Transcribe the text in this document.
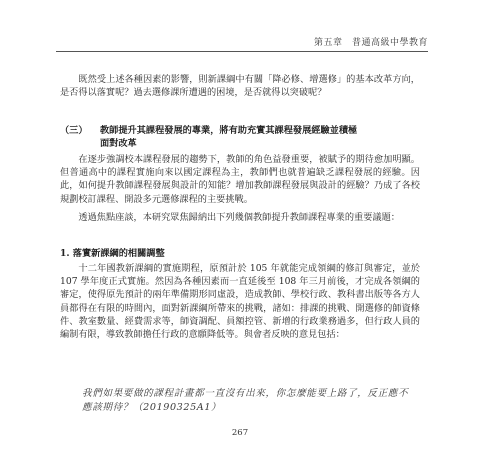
第五章　普通高級中學教育

既然受上述各種因素的影響，則新課綱中有關「降必修、增選修」的基本改革方向，是否得以落實呢？過去選修課所遭遇的困境，是否就得以突破呢？

（三） 教師提升其課程發展的專業，將有助充實其課程發展經驗並積極
面對改革

在逐步強調校本課程發展的趨勢下，教師的角色益發重要，被賦予的期待愈加明顯。但普通高中的課程實施向來以國定課程為主，教師們也就普遍缺乏課程發展的經驗。因此，如何提升教師課程發展與設計的知能？增加教師課程發展與設計的經驗？乃成了各校規劃校訂課程、開設多元選修課程的主要挑戰。

透過焦點座談，本研究眾焦歸納出下列幾個教師提升教師課程專業的重要議題：

1. 落實新課綱的相關調整

十二年國教新課綱的實施期程，原預計於 105 年就能完成領綱的修訂與審定，並於 107 學年度正式實施。然因為各種因素而一直延後至 108 年三月前後，才完成各領綱的審定，使得原先預計的兩年準備期形同虛設，造成教師、學校行政、教科書出版等各方人員都得在有限的時間內，面對新課綱所帶來的挑戰，諸如：排課的挑戰、開選修的師資條件、教室數量、經費需求等，師資調配、員額控管、新增的行政業務過多，但行政人員的編制有限，導致教師擔任行政的意願降低等。與會者反映的意見包括：

我們如果要做的課程計畫都一直沒有出來，你怎麼能要上路了，反正應不應該期待？（20190325A1）

267
